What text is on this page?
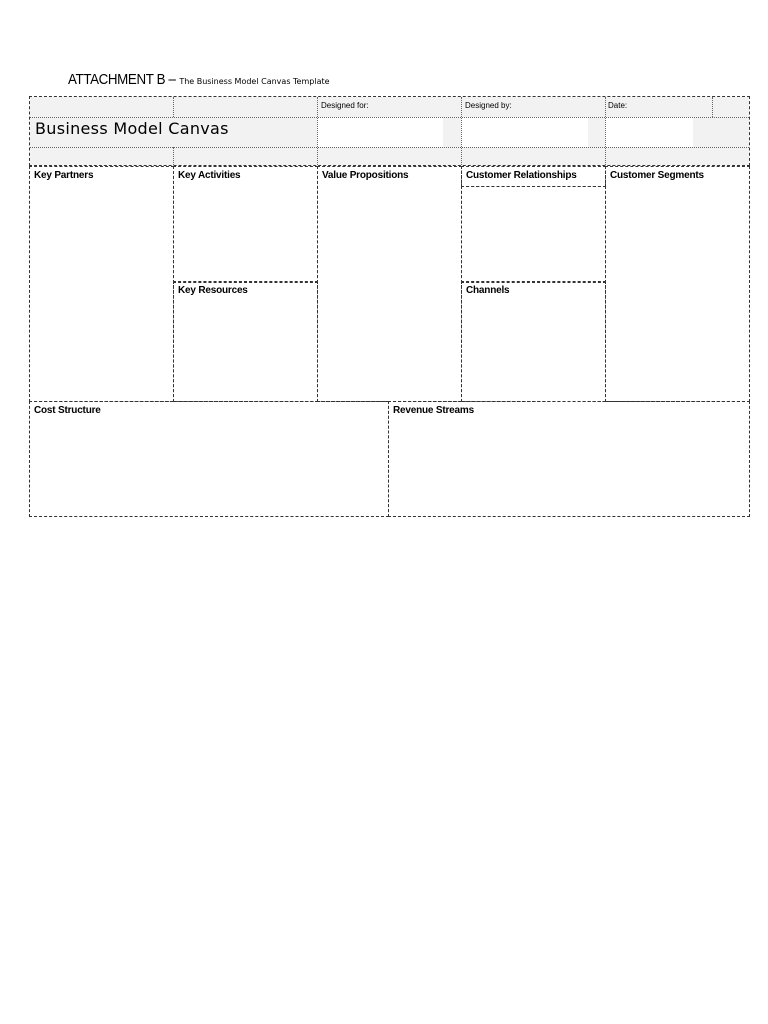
ATTACHMENT B – The Business Model Canvas Template
Designed for:	Designed by:	Date:
Business Model Canvas
Key Partners	Key Activities
Key Resources
Value Propositions	Customer Relationships
Channels
Customer Segments
Cost Structure	Revenue Streams
